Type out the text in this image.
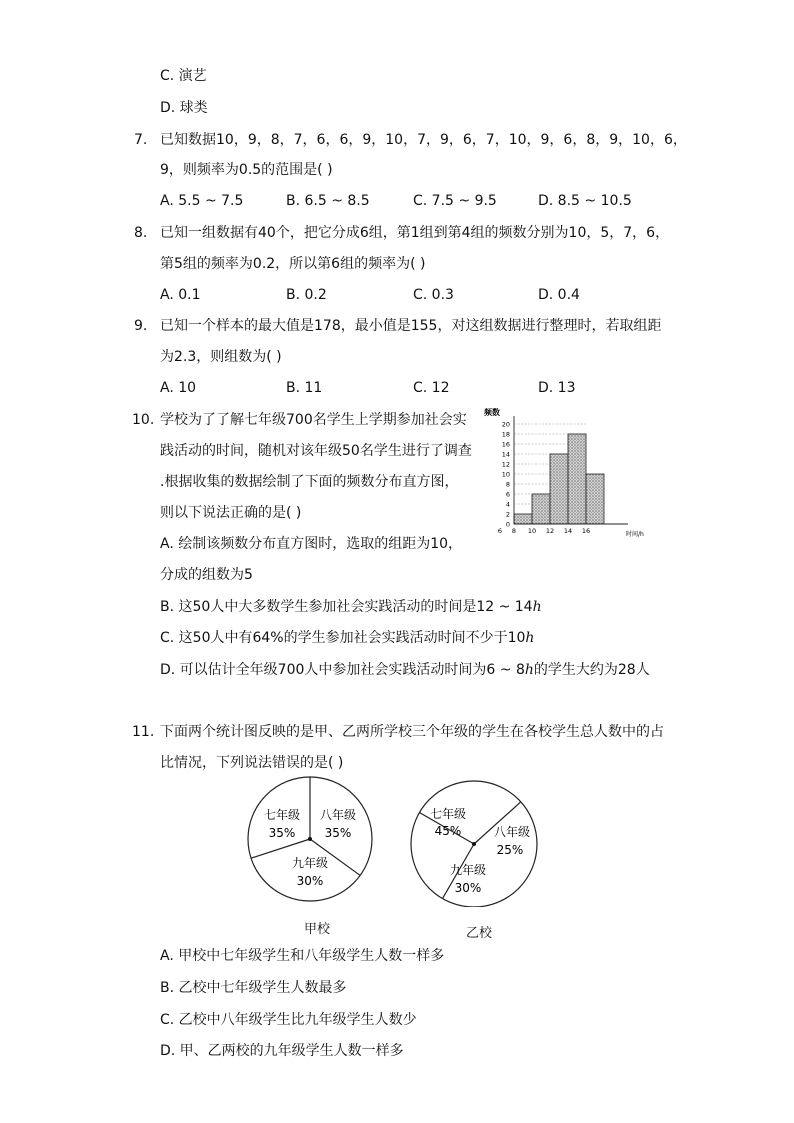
C. 演艺
D. 球类
7. 已知数据10，9，8，7，6，6，9，10，7，9，6，7，10，9，6，8，9，10，6，
9，则频率为0.5的范围是( )
A. 5.5 ~ 7.5	B. 6.5 ~ 8.5	C. 7.5 ~ 9.5	D. 8.5 ~ 10.5
8. 已知一组数据有40个，把它分成6组，第1组到第4组的频数分别为10，5，7，6，
第5组的频率为0.2，所以第6组的频率为( )
A. 0.1	B. 0.2	C. 0.3	D. 0.4
9. 已知一个样本的最大值是178，最小值是155，对这组数据进行整理时，若取组距
为2.3，则组数为( )
A. 10	B. 11	C. 12	D. 13
10. 学校为了了解七年级700名学生上学期参加社会实
践活动的时间，随机对该年级50名学生进行了调查
.根据收集的数据绘制了下面的频数分布直方图，
则以下说法正确的是( )
A. 绘制该频数分布直方图时，选取的组距为10，
分成的组数为5
B. 这50人中大多数学生参加社会实践活动的时间是12 ~ 14h
C. 这50人中有64%的学生参加社会实践活动时间不少于10h
D. 可以估计全年级700人中参加社会实践活动时间为6 ~ 8h的学生大约为28人
0
2
4
6
8
10
12
14
16
18
20
6 8 10 12 14 16
频数
时间/h
11. 下面两个统计图反映的是甲、乙两所学校三个年级的学生在各校学生总人数中的占
比情况，下列说法错误的是( )
七年级
35%
八年级
35%
九年级
30%
七年级
45%	八年级
25%
九年级
30%
甲校	乙校
A. 甲校中七年级学生和八年级学生人数一样多
B. 乙校中七年级学生人数最多
C. 乙校中八年级学生比九年级学生人数少
D. 甲、乙两校的九年级学生人数一样多
